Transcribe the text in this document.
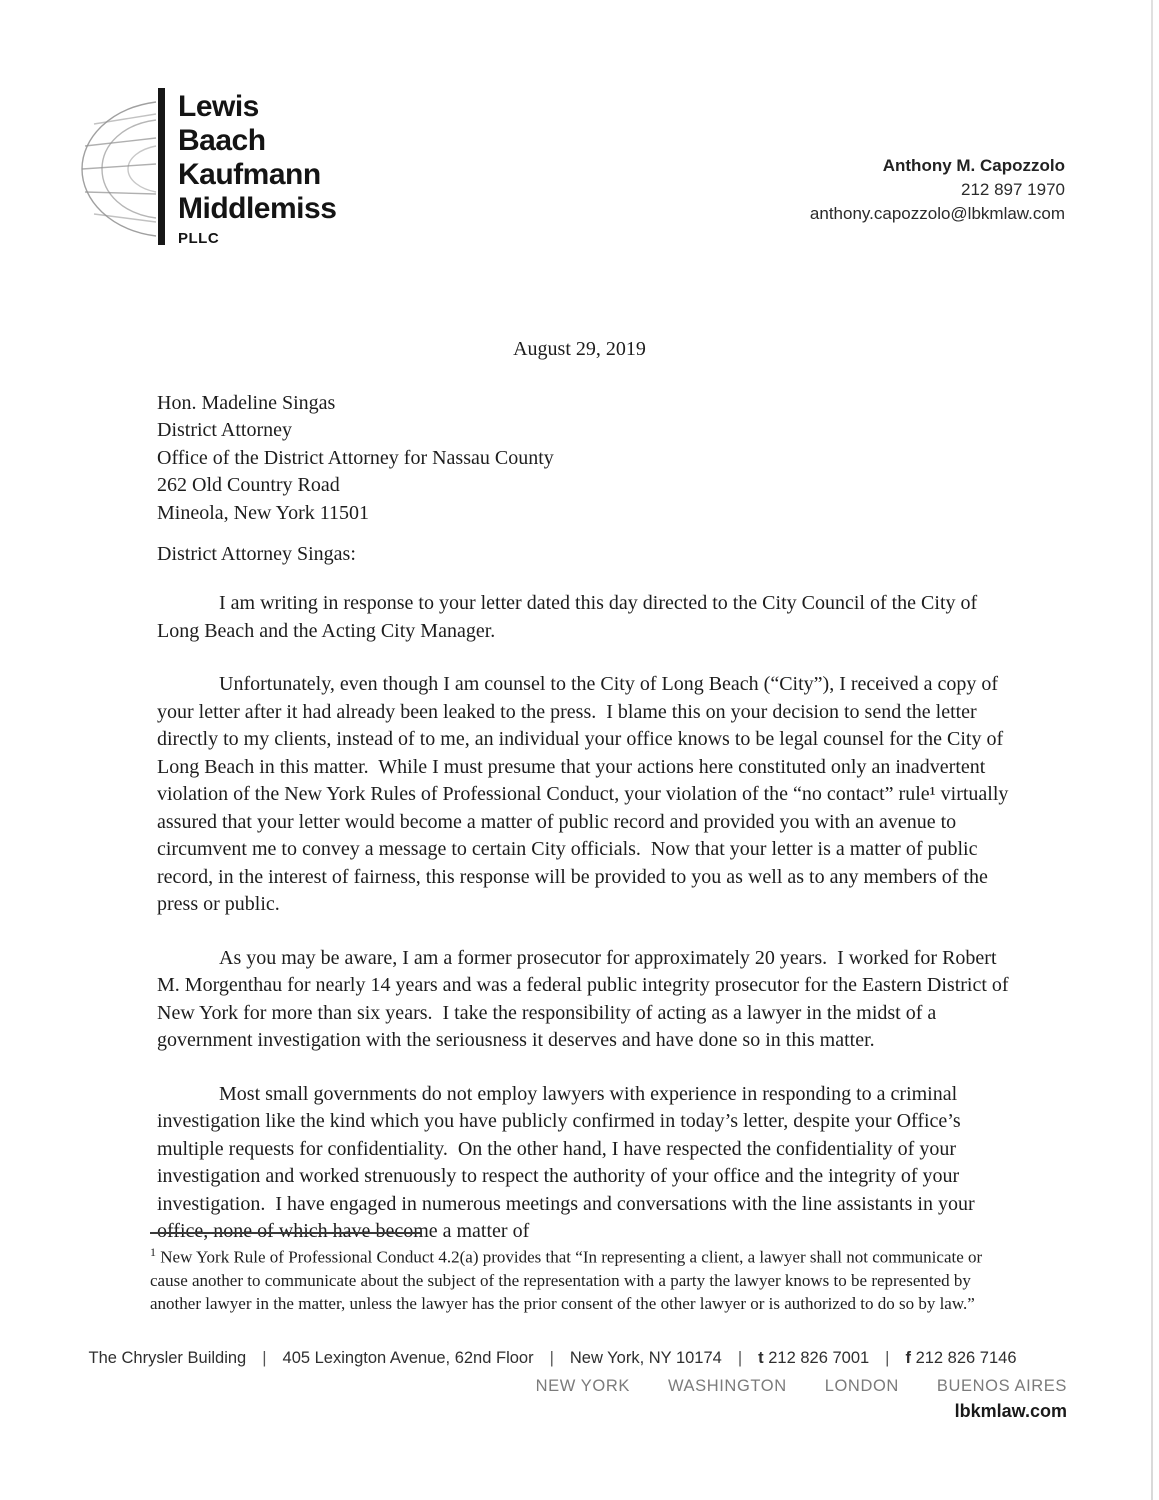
Lewis
Baach
Kaufmann
Middlemiss
PLLC
Anthony M. Capozzolo
212 897 1970
anthony.capozzolo@lbkmlaw.com
August 29, 2019
Hon. Madeline Singas
District Attorney
Office of the District Attorney for Nassau County
262 Old Country Road
Mineola, New York 11501
District Attorney Singas:

I am writing in response to your letter dated this day directed to the City Council of the City of Long Beach and the Acting City Manager.

Unfortunately, even though I am counsel to the City of Long Beach (“City”), I received a copy of your letter after it had already been leaked to the press.  I blame this on your decision to send the letter directly to my clients, instead of to me, an individual your office knows to be legal counsel for the City of Long Beach in this matter.  While I must presume that your actions here constituted only an inadvertent violation of the New York Rules of Professional Conduct, your violation of the “no contact” rule¹ virtually assured that your letter would become a matter of public record and provided you with an avenue to circumvent me to convey a message to certain City officials.  Now that your letter is a matter of public record, in the interest of fairness, this response will be provided to you as well as to any members of the press or public.

As you may be aware, I am a former prosecutor for approximately 20 years.  I worked for Robert M. Morgenthau for nearly 14 years and was a federal public integrity prosecutor for the Eastern District of New York for more than six years.  I take the responsibility of acting as a lawyer in the midst of a government investigation with the seriousness it deserves and have done so in this matter.

Most small governments do not employ lawyers with experience in responding to a criminal investigation like the kind which you have publicly confirmed in today’s letter, despite your Office’s multiple requests for confidentiality.  On the other hand, I have respected the confidentiality of your investigation and worked strenuously to respect the authority of your office and the integrity of your investigation.  I have engaged in numerous meetings and conversations with the line assistants in your office, none of which have become a matter of

$^1$ New York Rule of Professional Conduct 4.2(a) provides that “In representing a client, a lawyer shall not communicate or cause another to communicate about the subject of the representation with a party the lawyer knows to be represented by another lawyer in the matter, unless the lawyer has the prior consent of the other lawyer or is authorized to do so by law.”
The Chrysler Building | 405 Lexington Avenue, 62nd Floor | New York, NY 10174 | t 212 826 7001 | f 212 826 7146
NEW YORK WASHINGTON LONDON BUENOS AIRES
lbkmlaw.com
